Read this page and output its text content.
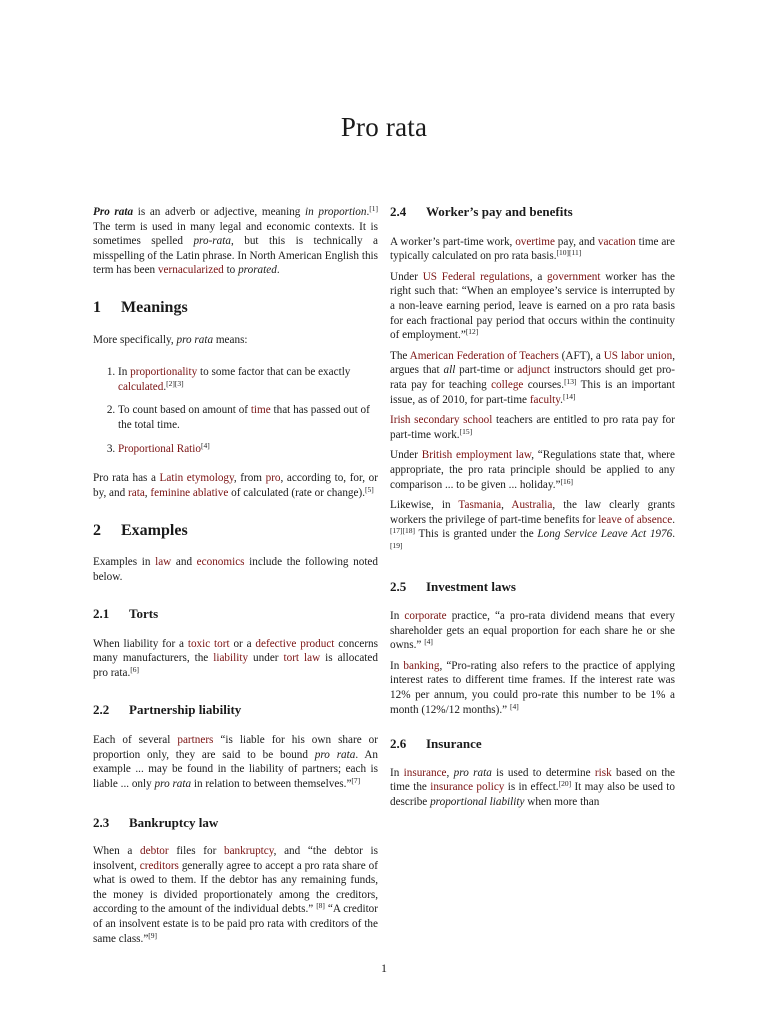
Pro rata

Pro rata is an adverb or adjective, meaning in proportion.[1] The term is used in many legal and economic contexts. It is sometimes spelled pro-rata, but this is technically a misspelling of the Latin phrase. In North American English this term has been vernacularized to prorated.

1 Meanings

More specifically, pro rata means:

1. In proportionality to some factor that can be exactly calculated.[2][3]
2. To count based on amount of time that has passed out of the total time.
3. Proportional Ratio[4]

Pro rata has a Latin etymology, from pro, according to, for, or by, and rata, feminine ablative of calculated (rate or change).[5]

2 Examples

Examples in law and economics include the following noted below.

2.1 Torts

When liability for a toxic tort or a defective product concerns many manufacturers, the liability under tort law is allocated pro rata.[6]

2.2 Partnership liability

Each of several partners “is liable for his own share or proportion only, they are said to be bound pro rata. An example ... may be found in the liability of partners; each is liable ... only pro rata in relation to between themselves.”[7]

2.3 Bankruptcy law

When a debtor files for bankruptcy, and “the debtor is insolvent, creditors generally agree to accept a pro rata share of what is owed to them. If the debtor has any remaining funds, the money is divided proportionately among the creditors, according to the amount of the individual debts.” [8] “A creditor of an insolvent estate is to be paid pro rata with creditors of the same class.”[9]

2.4 Worker’s pay and benefits

A worker’s part-time work, overtime pay, and vacation time are typically calculated on pro rata basis.[10][11]

Under US Federal regulations, a government worker has the right such that: “When an employee’s service is interrupted by a non-leave earning period, leave is earned on a pro rata basis for each fractional pay period that occurs within the continuity of employment.”[12]

The American Federation of Teachers (AFT), a US labor union, argues that all part-time or adjunct instructors should get pro-rata pay for teaching college courses.[13] This is an important issue, as of 2010, for part-time faculty.[14]

Irish secondary school teachers are entitled to pro rata pay for part-time work.[15]

Under British employment law, “Regulations state that, where appropriate, the pro rata principle should be applied to any comparison ... to be given ... holiday.”[16]

Likewise, in Tasmania, Australia, the law clearly grants workers the privilege of part-time benefits for leave of absence.[17][18] This is granted under the Long Service Leave Act 1976.[19]

2.5 Investment laws

In corporate practice, “a pro-rata dividend means that every shareholder gets an equal proportion for each share he or she owns.” [4]

In banking, “Pro-rating also refers to the practice of applying interest rates to different time frames. If the interest rate was 12% per annum, you could pro-rate this number to be 1% a month (12%/12 months).” [4]

2.6 Insurance

In insurance, pro rata is used to determine risk based on the time the insurance policy is in effect.[20] It may also be used to describe proportional liability when more than

1
